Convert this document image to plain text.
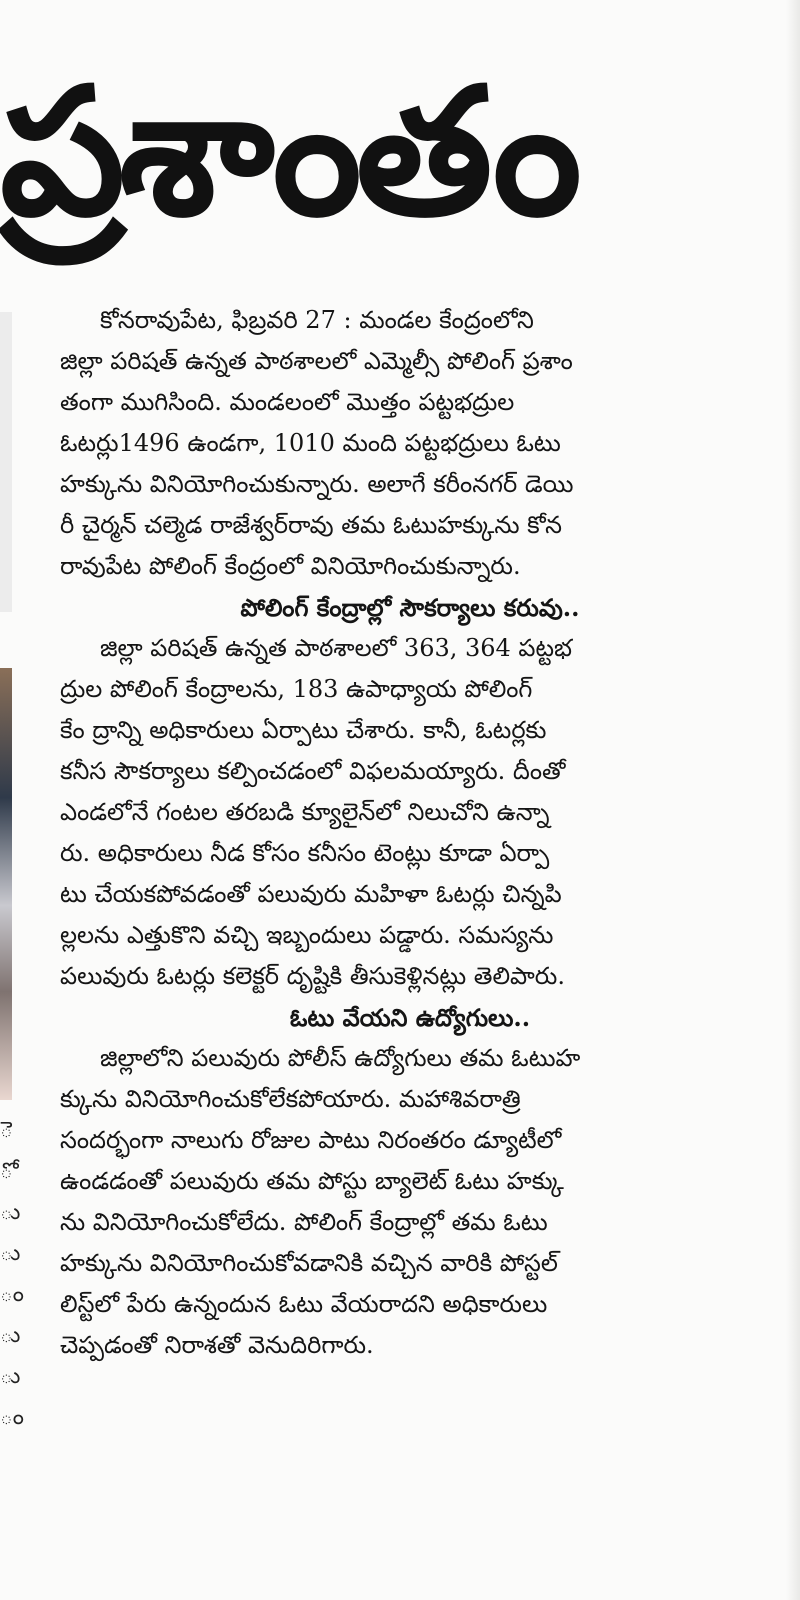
ప్రశాంతం
ె
ో
ు
ు
ం
ు
ు
ం
కోనరావుపేట, ఫిబ్రవరి 27 : మండల కేంద్రంలోని
జిల్లా పరిషత్ ఉన్నత పాఠశాలలో ఎమ్మెల్సీ పోలింగ్ ప్రశాం
తంగా ముగిసింది. మండలంలో మొత్తం పట్టభద్రుల
ఓటర్లు1496 ఉండగా, 1010 మంది పట్టభద్రులు ఓటు
హక్కును వినియోగించుకున్నారు. అలాగే కరీంనగర్ డెయి
రీ చైర్మన్ చల్మెడ రాజేశ్వర్‌రావు తమ ఓటుహక్కును కోన
రావుపేట పోలింగ్ కేంద్రంలో వినియోగించుకున్నారు.
పోలింగ్ కేంద్రాల్లో సౌకర్యాలు కరువు..
జిల్లా పరిషత్ ఉన్నత పాఠశాలలో 363, 364 పట్టభ
ద్రుల పోలింగ్ కేంద్రాలను, 183 ఉపాధ్యాయ పోలింగ్
కేం ద్రాన్ని అధికారులు ఏర్పాటు చేశారు. కానీ, ఓటర్లకు
కనీస సౌకర్యాలు కల్పించడంలో విఫలమయ్యారు. దీంతో
ఎండలోనే గంటల తరబడి క్యూలైన్‌లో నిలుచోని ఉన్నా
రు. అధికారులు నీడ కోసం కనీసం టెంట్లు కూడా ఏర్పా
టు చేయకపోవడంతో పలువురు మహిళా ఓటర్లు చిన్నపి
ల్లలను ఎత్తుకొని వచ్చి ఇబ్బందులు పడ్డారు. సమస్యను
పలువురు ఓటర్లు కలెక్టర్ దృష్టికి తీసుకెళ్లినట్లు తెలిపారు.
ఓటు వేయని ఉద్యోగులు..
జిల్లాలోని పలువురు పోలీస్ ఉద్యోగులు తమ ఓటుహ
క్కును వినియోగించుకోలేకపోయారు. మహాశివరాత్రి
సందర్భంగా నాలుగు రోజుల పాటు నిరంతరం డ్యూటీలో
ఉండడంతో పలువురు తమ పోస్టు బ్యాలెట్ ఓటు హక్కు
ను వినియోగించుకోలేదు. పోలింగ్ కేంద్రాల్లో తమ ఓటు
హక్కును వినియోగించుకోవడానికి వచ్చిన వారికి పోస్టల్
లిస్ట్‌లో పేరు ఉన్నందున ఓటు వేయరాదని అధికారులు
చెప్పడంతో నిరాశతో వెనుదిరిగారు.
